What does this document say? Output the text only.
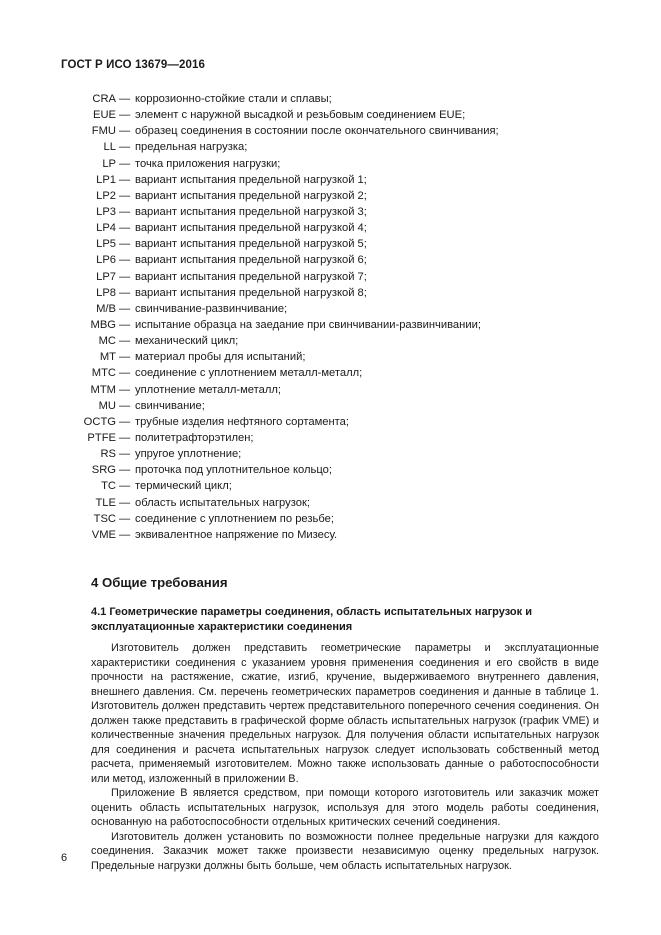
ГОСТ Р ИСО 13679—2016
CRA — коррозионно-стойкие стали и сплавы;
EUE — элемент с наружной высадкой и резьбовым соединением EUE;
FMU — образец соединения в состоянии после окончательного свинчивания;
LL — предельная нагрузка;
LP — точка приложения нагрузки;
LP1 — вариант испытания предельной нагрузкой 1;
LP2 — вариант испытания предельной нагрузкой 2;
LP3 — вариант испытания предельной нагрузкой 3;
LP4 — вариант испытания предельной нагрузкой 4;
LP5 — вариант испытания предельной нагрузкой 5;
LP6 — вариант испытания предельной нагрузкой 6;
LP7 — вариант испытания предельной нагрузкой 7;
LP8 — вариант испытания предельной нагрузкой 8;
M/B — свинчивание-развинчивание;
MBG — испытание образца на заедание при свинчивании-развинчивании;
MC — механический цикл;
MT — материал пробы для испытаний;
MTC — соединение с уплотнением металл-металл;
MTM — уплотнение металл-металл;
MU — свинчивание;
OCTG — трубные изделия нефтяного сортамента;
PTFE — политетрафторэтилен;
RS — упругое уплотнение;
SRG — проточка под уплотнительное кольцо;
TC — термический цикл;
TLE — область испытательных нагрузок;
TSC — соединение с уплотнением по резьбе;
VME — эквивалентное напряжение по Мизесу.
4 Общие требования
4.1 Геометрические параметры соединения, область испытательных нагрузок и эксплуатационные характеристики соединения

Изготовитель должен представить геометрические параметры и эксплуатационные характеристики соединения с указанием уровня применения соединения и его свойств в виде прочности на растяжение, сжатие, изгиб, кручение, выдерживаемого внутреннего давления, внешнего давления. См. перечень геометрических параметров соединения и данные в таблице 1. Изготовитель должен представить чертеж представительного поперечного сечения соединения. Он должен также представить в графической форме область испытательных нагрузок (график VME) и количественные значения предельных нагрузок. Для получения области испытательных нагрузок для соединения и расчета испытательных нагрузок следует использовать собственный метод расчета, применяемый изготовителем. Можно также использовать данные о работоспособности или метод, изложенный в приложении В.

Приложение В является средством, при помощи которого изготовитель или заказчик может оценить область испытательных нагрузок, используя для этого модель работы соединения, основанную на работоспособности отдельных критических сечений соединения.

Изготовитель должен установить по возможности полнее предельные нагрузки для каждого соединения. Заказчик может также произвести независимую оценку предельных нагрузок. Предельные нагрузки должны быть больше, чем область испытательных нагрузок.

6
